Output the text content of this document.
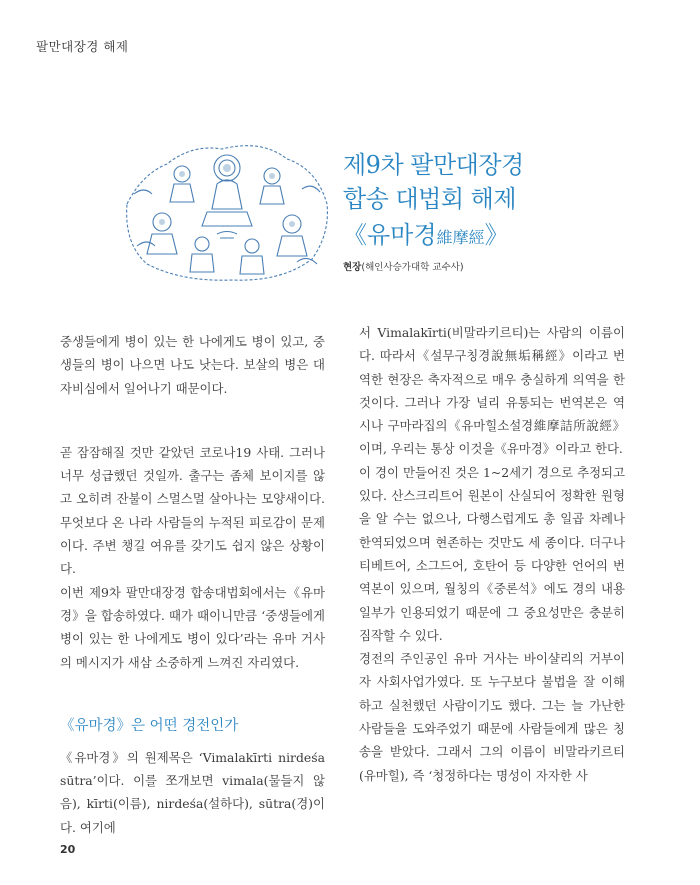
팔만대장경 해제
제9차 팔만대장경
합송 대법회 해제
《유마경維摩經》
현장(해인사승가대학 교수사)

중생들에게 병이 있는 한 나에게도 병이 있고, 중생들의 병이 나으면 나도 낫는다. 보살의 병은 대자비심에서 일어나기 때문이다.

곧 잠잠해질 것만 같았던 코로나19 사태. 그러나 너무 성급했던 것일까. 출구는 좀체 보이지를 않고 오히려 잔불이 스멀스멀 살아나는 모양새이다. 무엇보다 온 나라 사람들의 누적된 피로감이 문제이다. 주변 챙길 여유를 갖기도 쉽지 않은 상황이다.

이번 제9차 팔만대장경 합송대법회에서는《유마경》을 합송하였다. 때가 때이니만큼 ‘중생들에게 병이 있는 한 나에게도 병이 있다’라는 유마 거사의 메시지가 새삼 소중하게 느껴진 자리였다.

《유마경》은 어떤 경전인가

《유마경》의 원제목은 ‘Vimalakīrti nirdeśa sūtra’이다. 이를 쪼개보면 vimala(물들지 않음), kīrti(이름), nirdeśa(설하다), sūtra(경)이다. 여기에

서 Vimalakīrti(비말라키르티)는 사람의 이름이다. 따라서《설무구칭경說無垢稱經》이라고 번역한 현장은 축자적으로 매우 충실하게 의역을 한 것이다. 그러나 가장 널리 유통되는 번역본은 역시나 구마라집의《유마힐소설경維摩詰所說經》이며, 우리는 통상 이것을《유마경》이라고 한다.

이 경이 만들어진 것은 1~2세기 경으로 추정되고 있다. 산스크리트어 원본이 산실되어 정확한 원형을 알 수는 없으나, 다행스럽게도 총 일곱 차례나 한역되었으며 현존하는 것만도 세 종이다. 더구나 티베트어, 소그드어, 호탄어 등 다양한 언어의 번역본이 있으며, 월칭의《중론석》에도 경의 내용 일부가 인용되었기 때문에 그 중요성만은 충분히 짐작할 수 있다.

경전의 주인공인 유마 거사는 바이샬리의 거부이자 사회사업가였다. 또 누구보다 불법을 잘 이해하고 실천했던 사람이기도 했다. 그는 늘 가난한 사람들을 도와주었기 때문에 사람들에게 많은 칭송을 받았다. 그래서 그의 이름이 비말라키르티(유마힐), 즉 ‘청정하다는 명성이 자자한 사

20
